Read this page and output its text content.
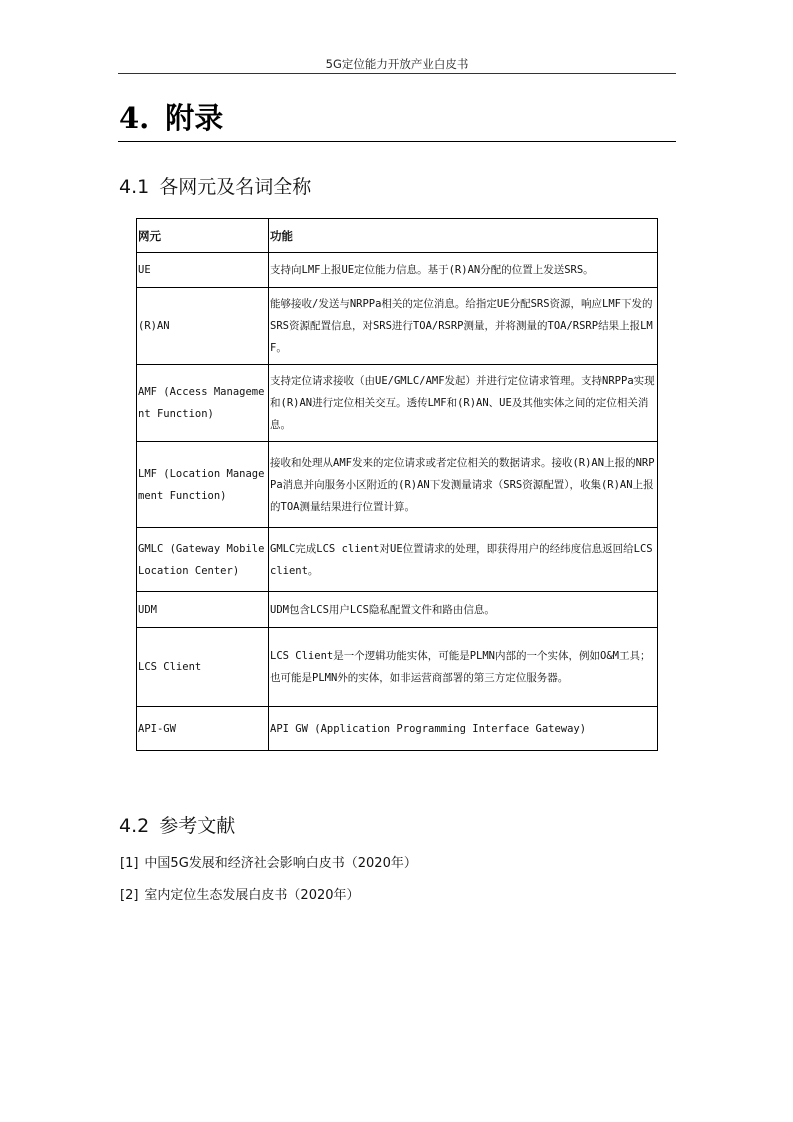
5G定位能力开放产业白皮书
4. 附录
4.1 各网元及名词全称
网元	功能
UE	支持向LMF上报UE定位能力信息。基于(R)AN分配的位置上发送SRS。
(R)AN	能够接收/发送与NRPPa相关的定位消息。给指定UE分配SRS资源，响应LMF下发的SRS资源配置信息，对SRS进行TOA/RSRP测量，并将测量的TOA/RSRP结果上报LMF。
AMF (Access Management Function)	支持定位请求接收（由UE/GMLC/AMF发起）并进行定位请求管理。支持NRPPa实现和(R)AN进行定位相关交互。透传LMF和(R)AN、UE及其他实体之间的定位相关消息。
LMF (Location Management Function)	接收和处理从AMF发来的定位请求或者定位相关的数据请求。接收(R)AN上报的NRPPa消息并向服务小区附近的(R)AN下发测量请求（SRS资源配置），收集(R)AN上报的TOA测量结果进行位置计算。
GMLC (Gateway Mobile Location Center)	GMLC完成LCS client对UE位置请求的处理，即获得用户的经纬度信息返回给LCS client。
UDM	UDM包含LCS用户LCS隐私配置文件和路由信息。
LCS Client	LCS Client是一个逻辑功能实体，可能是PLMN内部的一个实体，例如O&M工具；也可能是PLMN外的实体，如非运营商部署的第三方定位服务器。
API-GW	API GW (Application Programming Interface Gateway)
4.2 参考文献
[1] 中国5G发展和经济社会影响白皮书（2020年）
[2] 室内定位生态发展白皮书（2020年）
